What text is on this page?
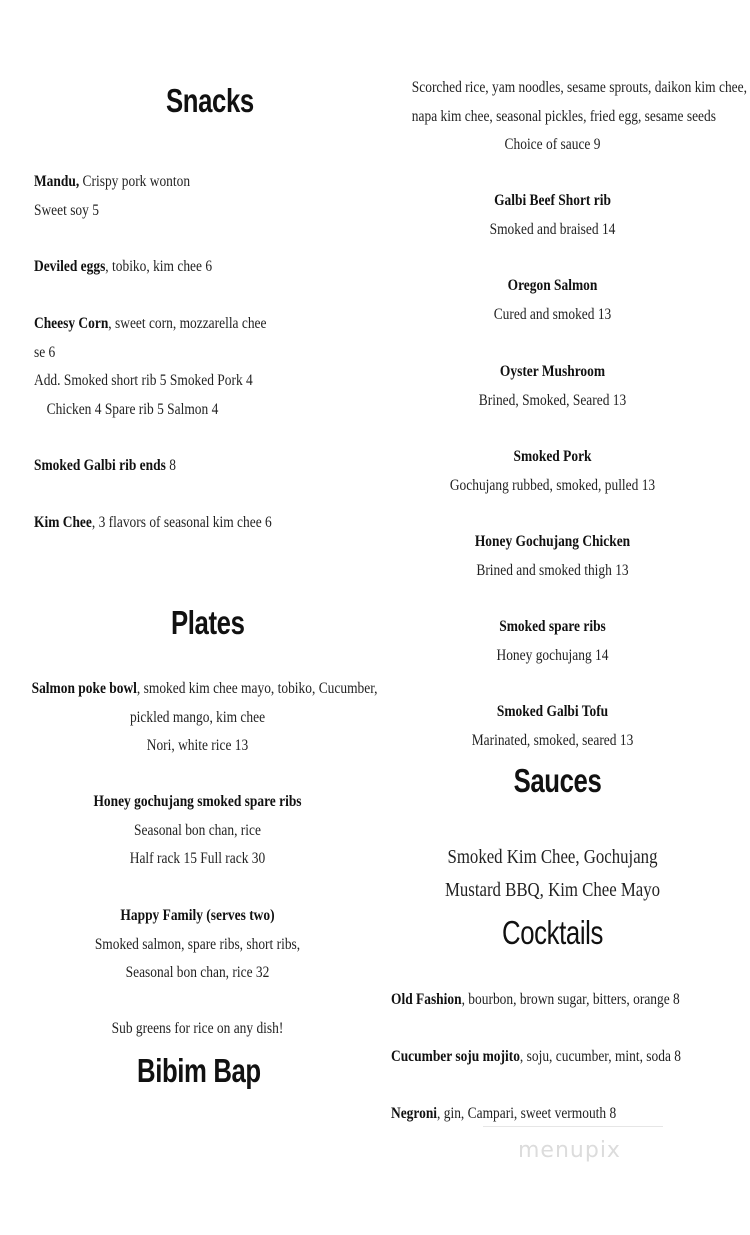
Snacks
Mandu, Crispy pork wonton
Sweet soy 5
Deviled eggs, tobiko, kim chee 6
Cheesy Corn, sweet corn, mozzarella chee
se 6
Add. Smoked short rib 5 Smoked Pork 4
Chicken 4 Spare rib 5 Salmon 4
Smoked Galbi rib ends 8
Kim Chee, 3 flavors of seasonal kim chee 6
Plates
Salmon poke bowl, smoked kim chee mayo, tobiko, Cucumber,
pickled mango, kim chee
Nori, white rice 13
Honey gochujang smoked spare ribs
Seasonal bon chan, rice
Half rack 15 Full rack 30
Happy Family (serves two)
Smoked salmon, spare ribs, short ribs,
Seasonal bon chan, rice 32
Sub greens for rice on any dish!
Bibim Bap
Scorched rice, yam noodles, sesame sprouts, daikon kim chee,
napa kim chee, seasonal pickles, fried egg, sesame seeds
Choice of sauce 9
Galbi Beef Short rib
Smoked and braised 14
Oregon Salmon
Cured and smoked 13
Oyster Mushroom
Brined, Smoked, Seared 13
Smoked Pork
Gochujang rubbed, smoked, pulled 13
Honey Gochujang Chicken
Brined and smoked thigh 13
Smoked spare ribs
Honey gochujang 14
Smoked Galbi Tofu
Marinated, smoked, seared 13
Sauces
Smoked Kim Chee, Gochujang
Mustard BBQ, Kim Chee Mayo
Cocktails
Old Fashion, bourbon, brown sugar, bitters, orange 8
Cucumber soju mojito, soju, cucumber, mint, soda 8
Negroni, gin, Campari, sweet vermouth 8
menupix
